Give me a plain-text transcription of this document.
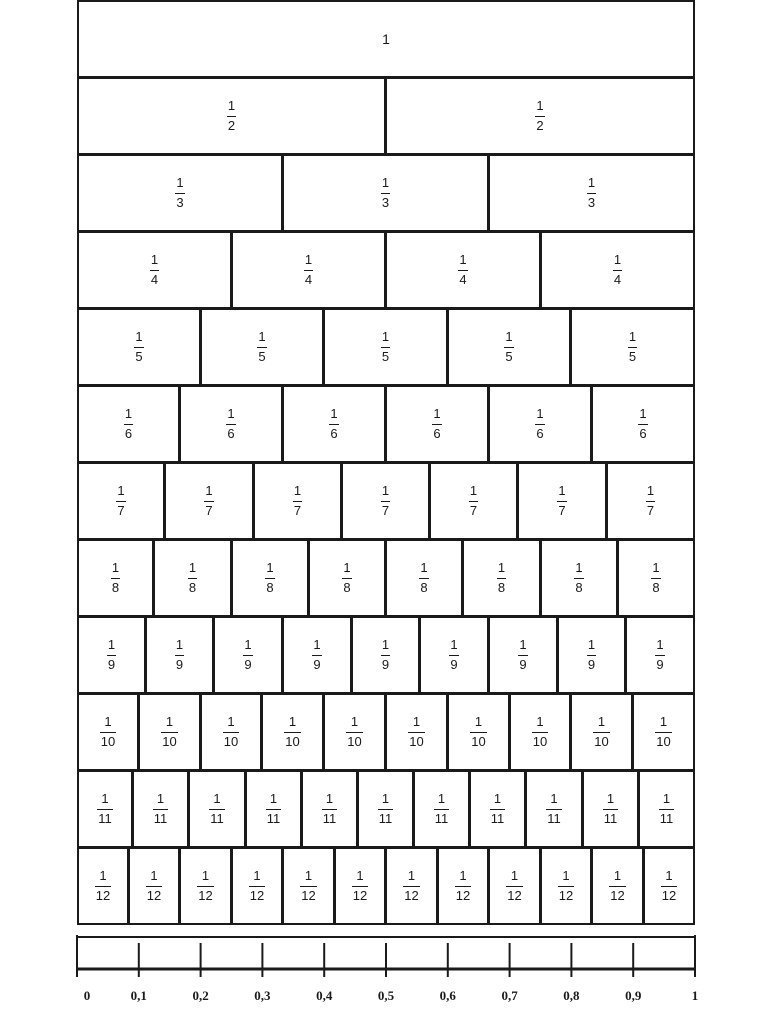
1
$\frac{1}{2}$	$\frac{1}{2}$
$\frac{1}{3}$	$\frac{1}{3}$	$\frac{1}{3}$
$\frac{1}{4}$	$\frac{1}{4}$	$\frac{1}{4}$	$\frac{1}{4}$
$\frac{1}{5}$	$\frac{1}{5}$	$\frac{1}{5}$	$\frac{1}{5}$	$\frac{1}{5}$
$\frac{1}{6}$	$\frac{1}{6}$	$\frac{1}{6}$	$\frac{1}{6}$	$\frac{1}{6}$	$\frac{1}{6}$
$\frac{1}{7}$	$\frac{1}{7}$	$\frac{1}{7}$	$\frac{1}{7}$	$\frac{1}{7}$	$\frac{1}{7}$	$\frac{1}{7}$
$\frac{1}{8}$	$\frac{1}{8}$	$\frac{1}{8}$	$\frac{1}{8}$	$\frac{1}{8}$	$\frac{1}{8}$	$\frac{1}{8}$	$\frac{1}{8}$
$\frac{1}{9}$	$\frac{1}{9}$	$\frac{1}{9}$	$\frac{1}{9}$	$\frac{1}{9}$	$\frac{1}{9}$	$\frac{1}{9}$	$\frac{1}{9}$	$\frac{1}{9}$
$\frac{1}{10}$	$\frac{1}{10}$	$\frac{1}{10}$	$\frac{1}{10}$	$\frac{1}{10}$	$\frac{1}{10}$	$\frac{1}{10}$	$\frac{1}{10}$	$\frac{1}{10}$	$\frac{1}{10}$
$\frac{1}{11}$	$\frac{1}{11}$	$\frac{1}{11}$	$\frac{1}{11}$	$\frac{1}{11}$	$\frac{1}{11}$	$\frac{1}{11}$	$\frac{1}{11}$	$\frac{1}{11}$	$\frac{1}{11}$	$\frac{1}{11}$
$\frac{1}{12}$	$\frac{1}{12}$	$\frac{1}{12}$	$\frac{1}{12}$	$\frac{1}{12}$	$\frac{1}{12}$	$\frac{1}{12}$	$\frac{1}{12}$	$\frac{1}{12}$	$\frac{1}{12}$	$\frac{1}{12}$	$\frac{1}{12}$
0	0,1	0,2	0,3	0,4	0,5	0,6	0,7	0,8	0,9	1
